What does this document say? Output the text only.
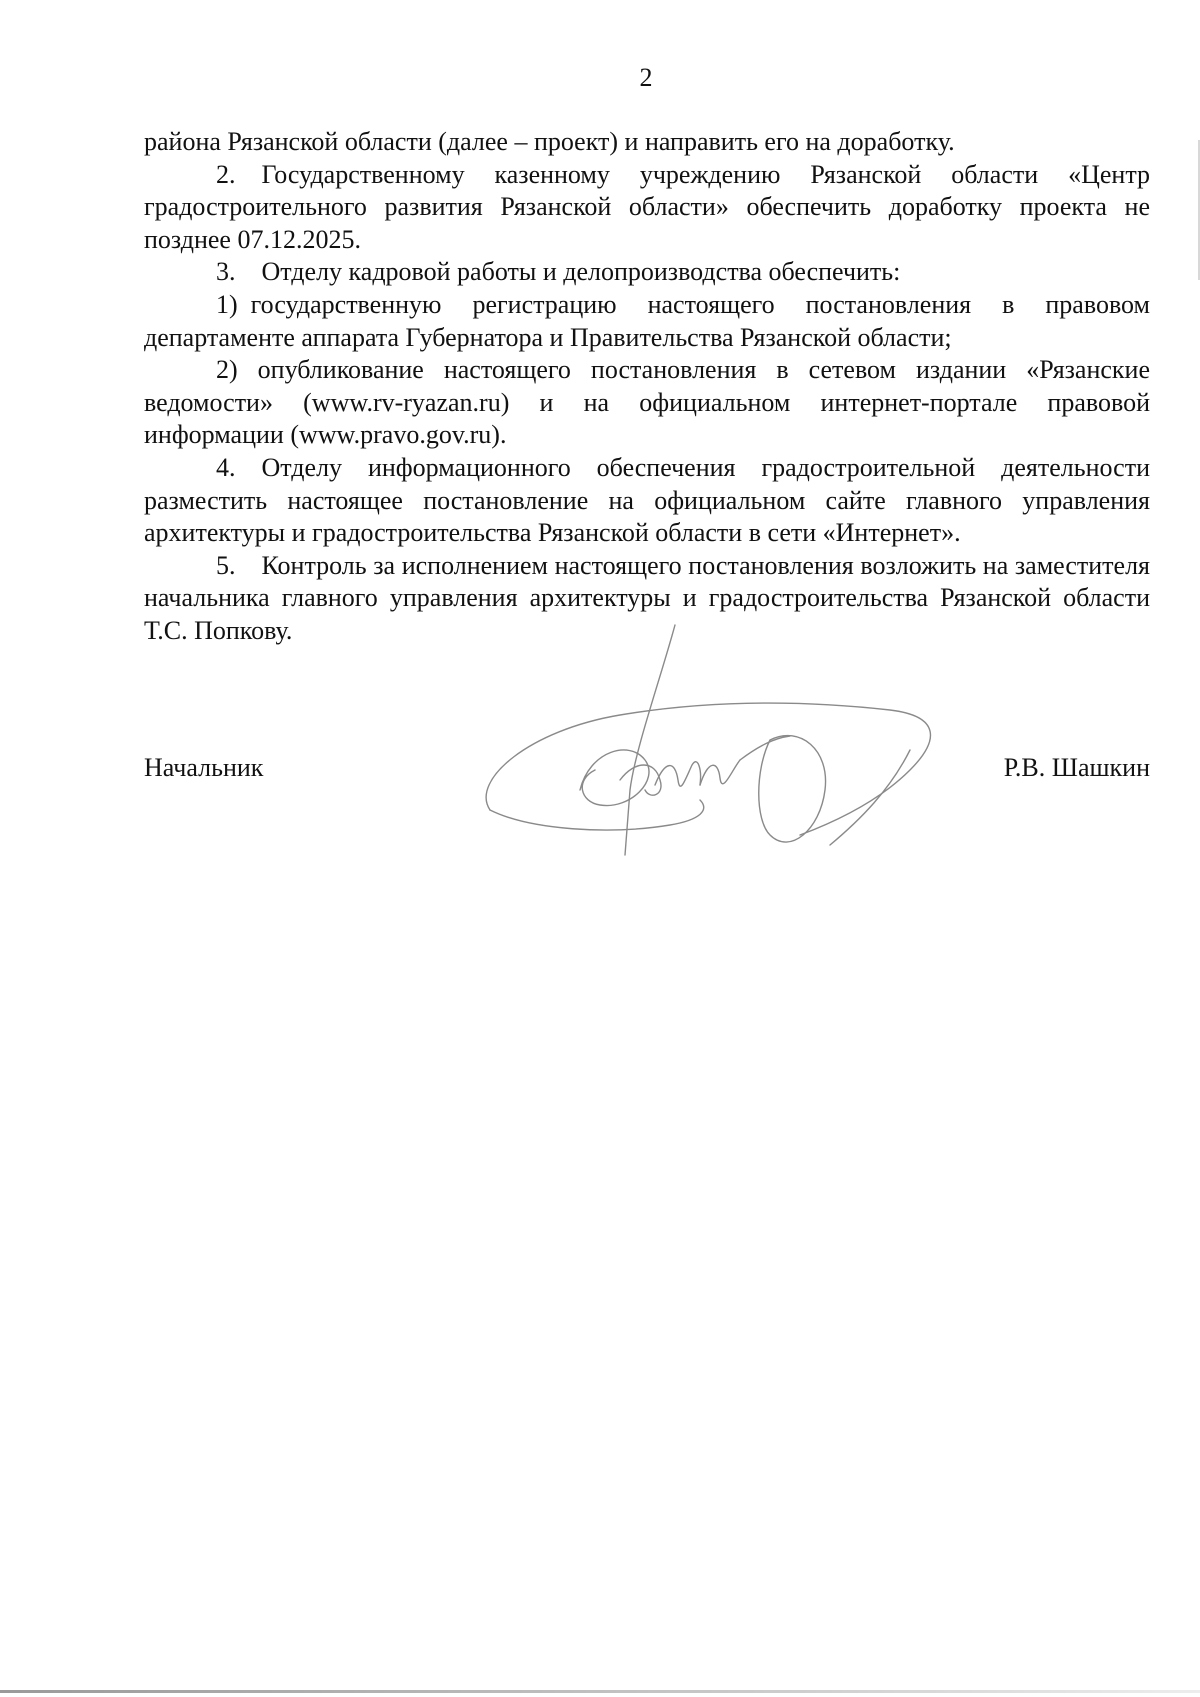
2

района Рязанской области (далее – проект) и направить его на доработку.

2. Государственному казенному учреждению Рязанской области «Центр градостроительного развития Рязанской области» обеспечить доработку проекта не позднее 07.12.2025.

3. Отделу кадровой работы и делопроизводства обеспечить:

1) государственную регистрацию настоящего постановления в правовом департаменте аппарата Губернатора и Правительства Рязанской области;

2) опубликование настоящего постановления в сетевом издании «Рязанские ведомости» (www.rv-ryazan.ru) и на официальном интернет-портале правовой информации (www.pravo.gov.ru).

4. Отделу информационного обеспечения градостроительной деятельности разместить настоящее постановление на официальном сайте главного управления архитектуры и градостроительства Рязанской области в сети «Интернет».

5. Контроль за исполнением настоящего постановления возложить на заместителя начальника главного управления архитектуры и градостроительства Рязанской области Т.С. Попкову.

Начальник	Р.В. Шашкин
